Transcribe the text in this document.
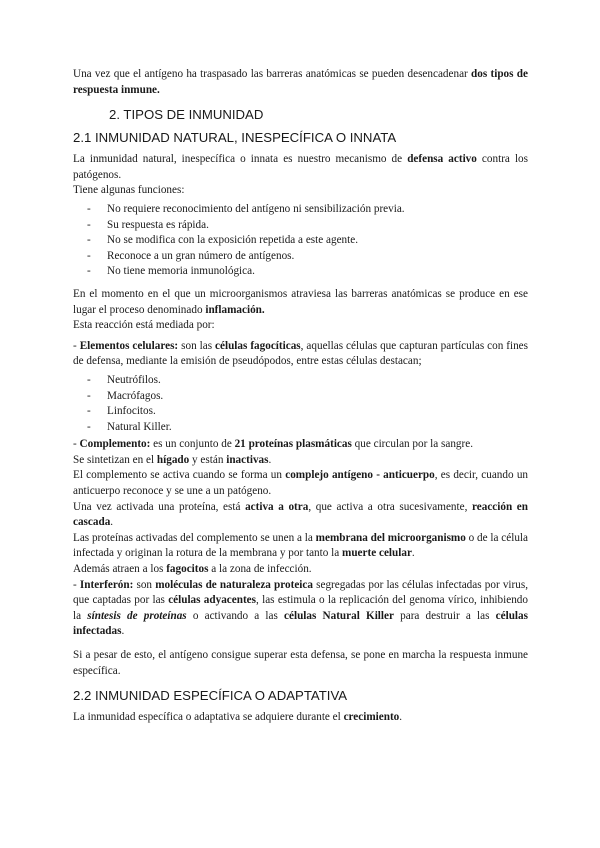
Una vez que el antígeno ha traspasado las barreras anatómicas se pueden desencadenar dos tipos de respuesta inmune.

2. TIPOS DE INMUNIDAD
2.1 INMUNIDAD NATURAL, INESPECÍFICA O INNATA

La inmunidad natural, inespecífica o innata es nuestro mecanismo de defensa activo contra los patógenos.

Tiene algunas funciones:

- No requiere reconocimiento del antígeno ni sensibilización previa.
- Su respuesta es rápida.
- No se modifica con la exposición repetida a este agente.
- Reconoce a un gran número de antígenos.
- No tiene memoria inmunológica.

En el momento en el que un microorganismos atraviesa las barreras anatómicas se produce en ese lugar el proceso denominado inflamación.

Esta reacción está mediada por:

- Elementos celulares: son las células fagocíticas, aquellas células que capturan partículas con fines de defensa, mediante la emisión de pseudópodos, entre estas células destacan;

- Neutrófilos.
- Macrófagos.
- Linfocitos.
- Natural Killer.

- Complemento: es un conjunto de 21 proteínas plasmáticas que circulan por la sangre.

Se sintetizan en el hígado y están inactivas.

El complemento se activa cuando se forma un complejo antígeno - anticuerpo, es decir, cuando un anticuerpo reconoce y se une a un patógeno.

Una vez activada una proteína, está activa a otra, que activa a otra sucesivamente, reacción en cascada.

Las proteínas activadas del complemento se unen a la membrana del microorganismo o de la célula infectada y originan la rotura de la membrana y por tanto la muerte celular.

Además atraen a los fagocitos a la zona de infección.

- Interferón: son moléculas de naturaleza proteica segregadas por las células infectadas por virus, que captadas por las células adyacentes, las estimula o la replicación del genoma vírico, inhibiendo la síntesis de proteínas o activando a las células Natural Killer para destruir a las células infectadas.

Si a pesar de esto, el antígeno consigue superar esta defensa, se pone en marcha la respuesta inmune específica.

2.2 INMUNIDAD ESPECÍFICA O ADAPTATIVA

La inmunidad específica o adaptativa se adquiere durante el crecimiento.
